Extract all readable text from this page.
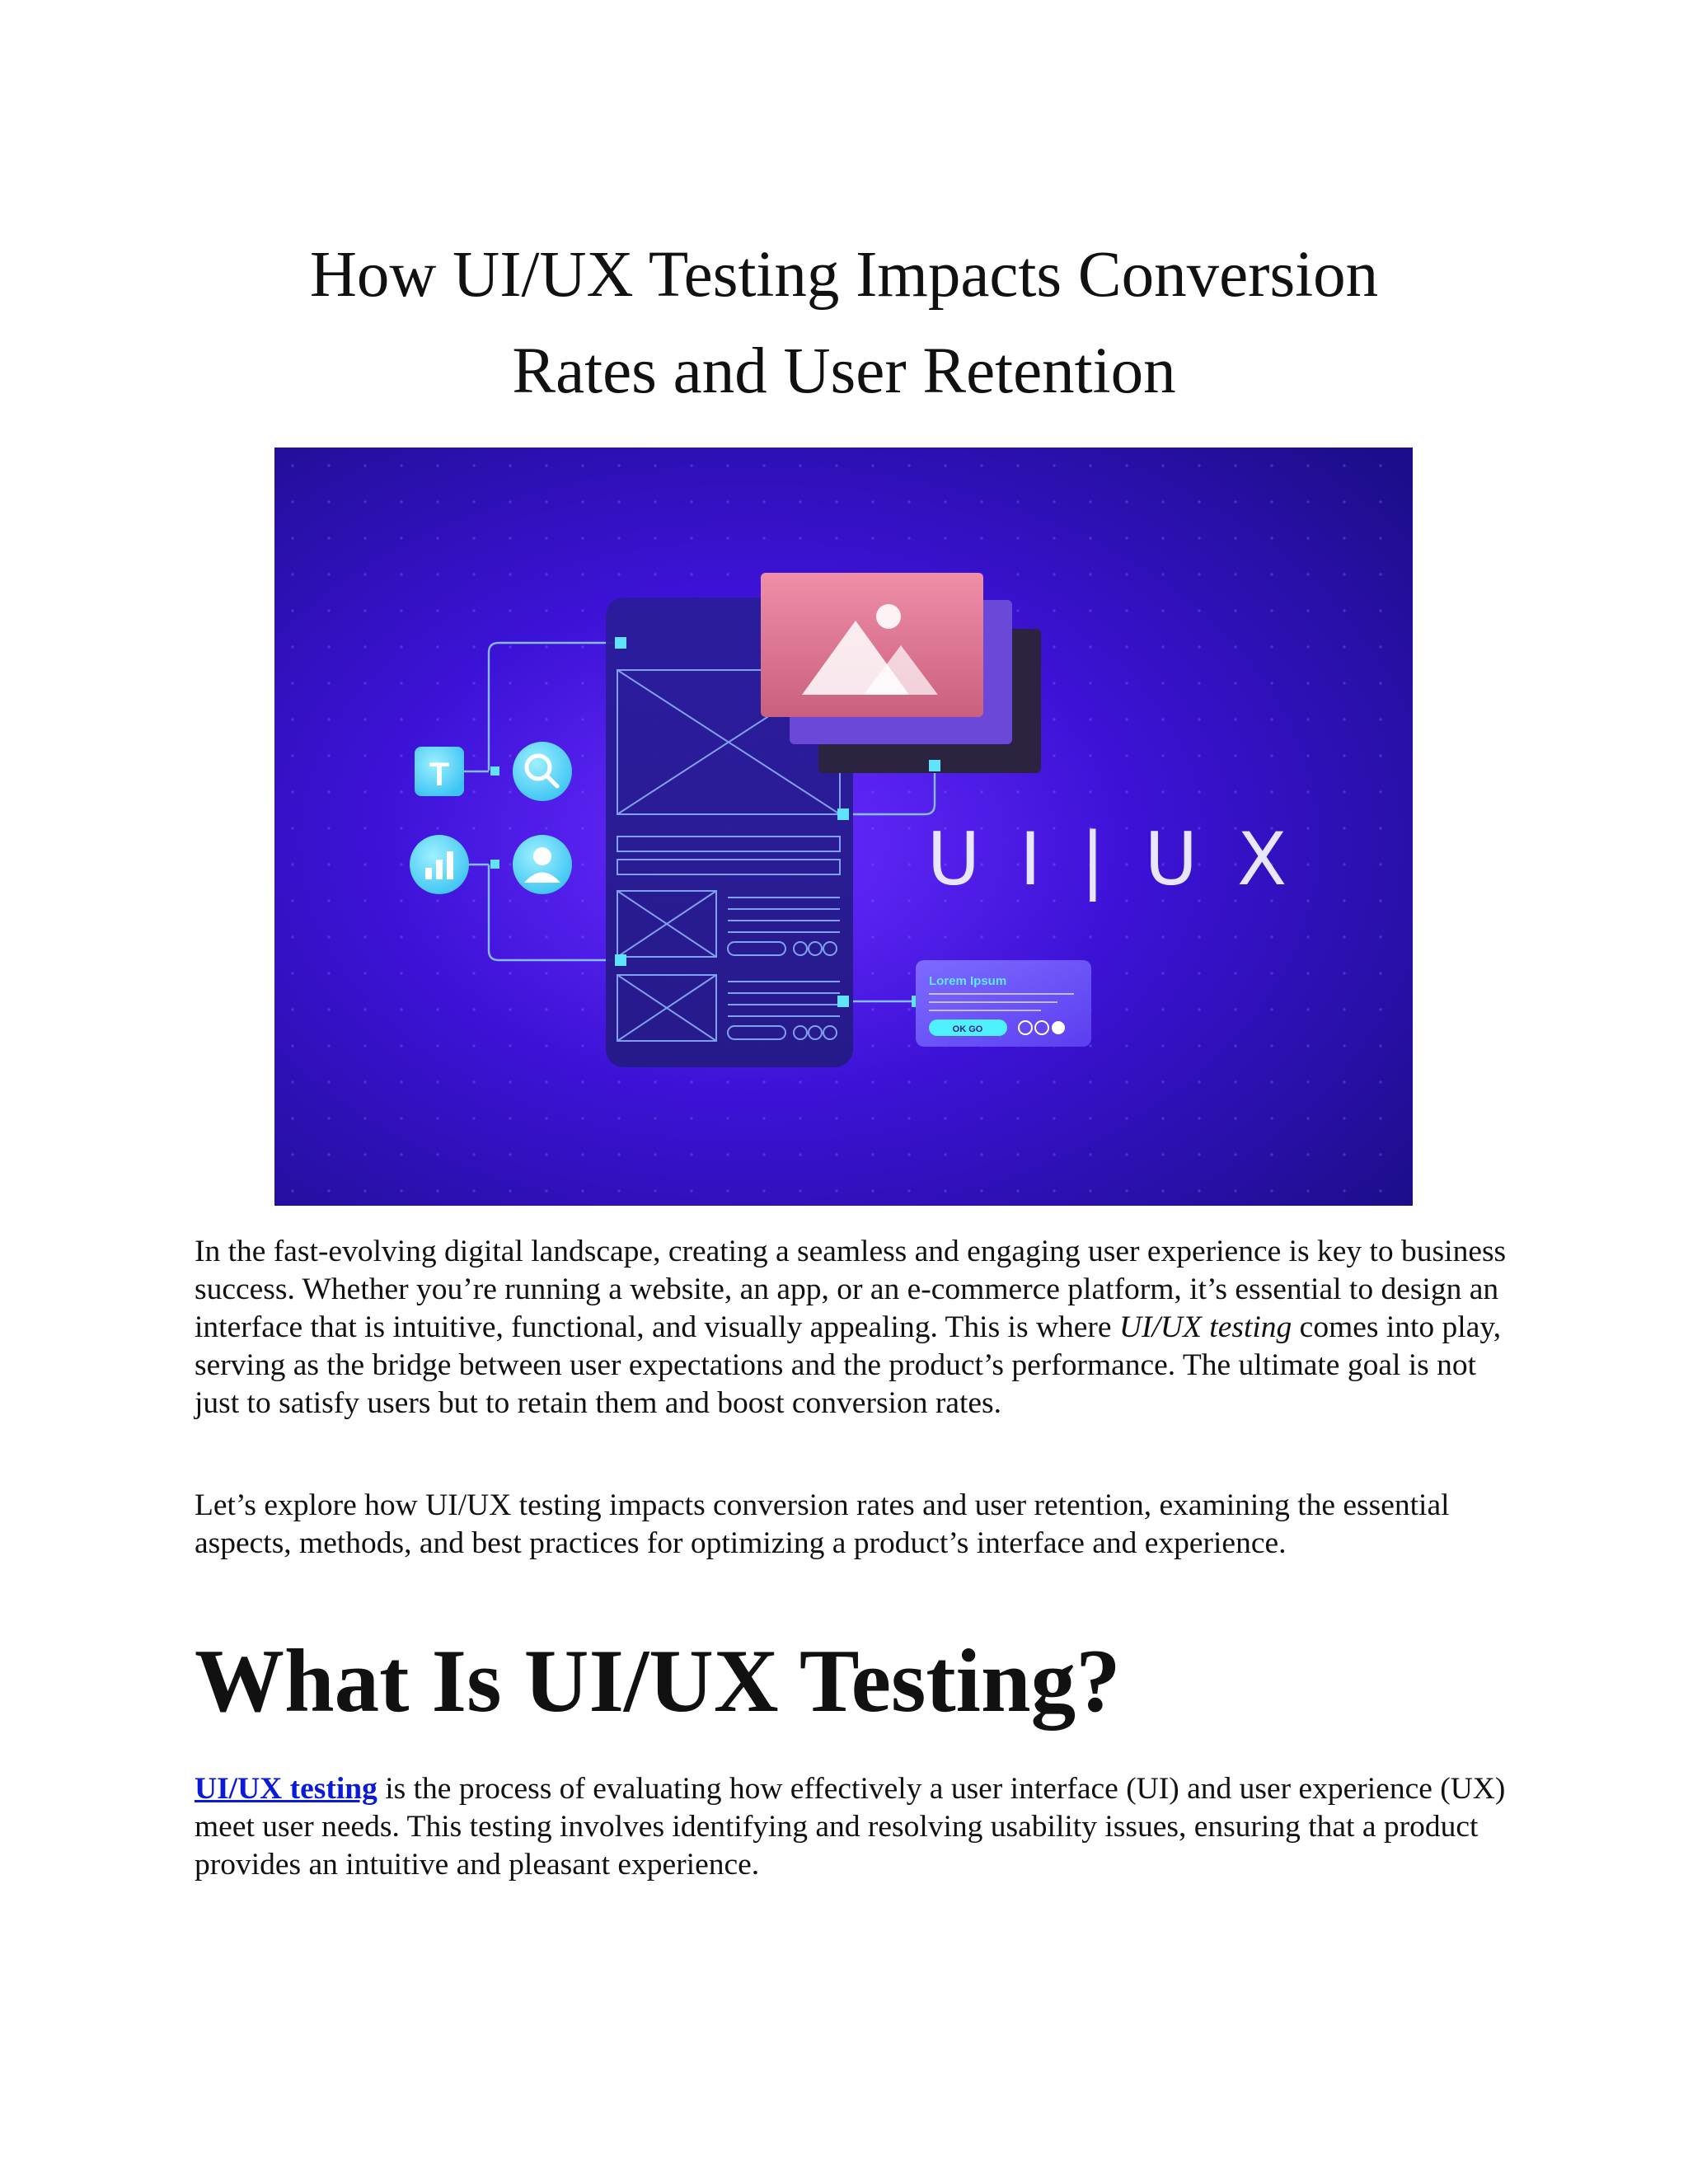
How UI/UX Testing Impacts Conversion
Rates and User Retention
T
U I | U X
Lorem Ipsum
OK GO

In the fast-evolving digital landscape, creating a seamless and engaging user experience is key to business success. Whether you’re running a website, an app, or an e-commerce platform, it’s essential to design an interface that is intuitive, functional, and visually appealing. This is where UI/UX testing comes into play, serving as the bridge between user expectations and the product’s performance. The ultimate goal is not just to satisfy users but to retain them and boost conversion rates.

Let’s explore how UI/UX testing impacts conversion rates and user retention, examining the essential aspects, methods, and best practices for optimizing a product’s interface and experience.

What Is UI/UX Testing?

UI/UX testing is the process of evaluating how effectively a user interface (UI) and user experience (UX) meet user needs. This testing involves identifying and resolving usability issues, ensuring that a product provides an intuitive and pleasant experience.
